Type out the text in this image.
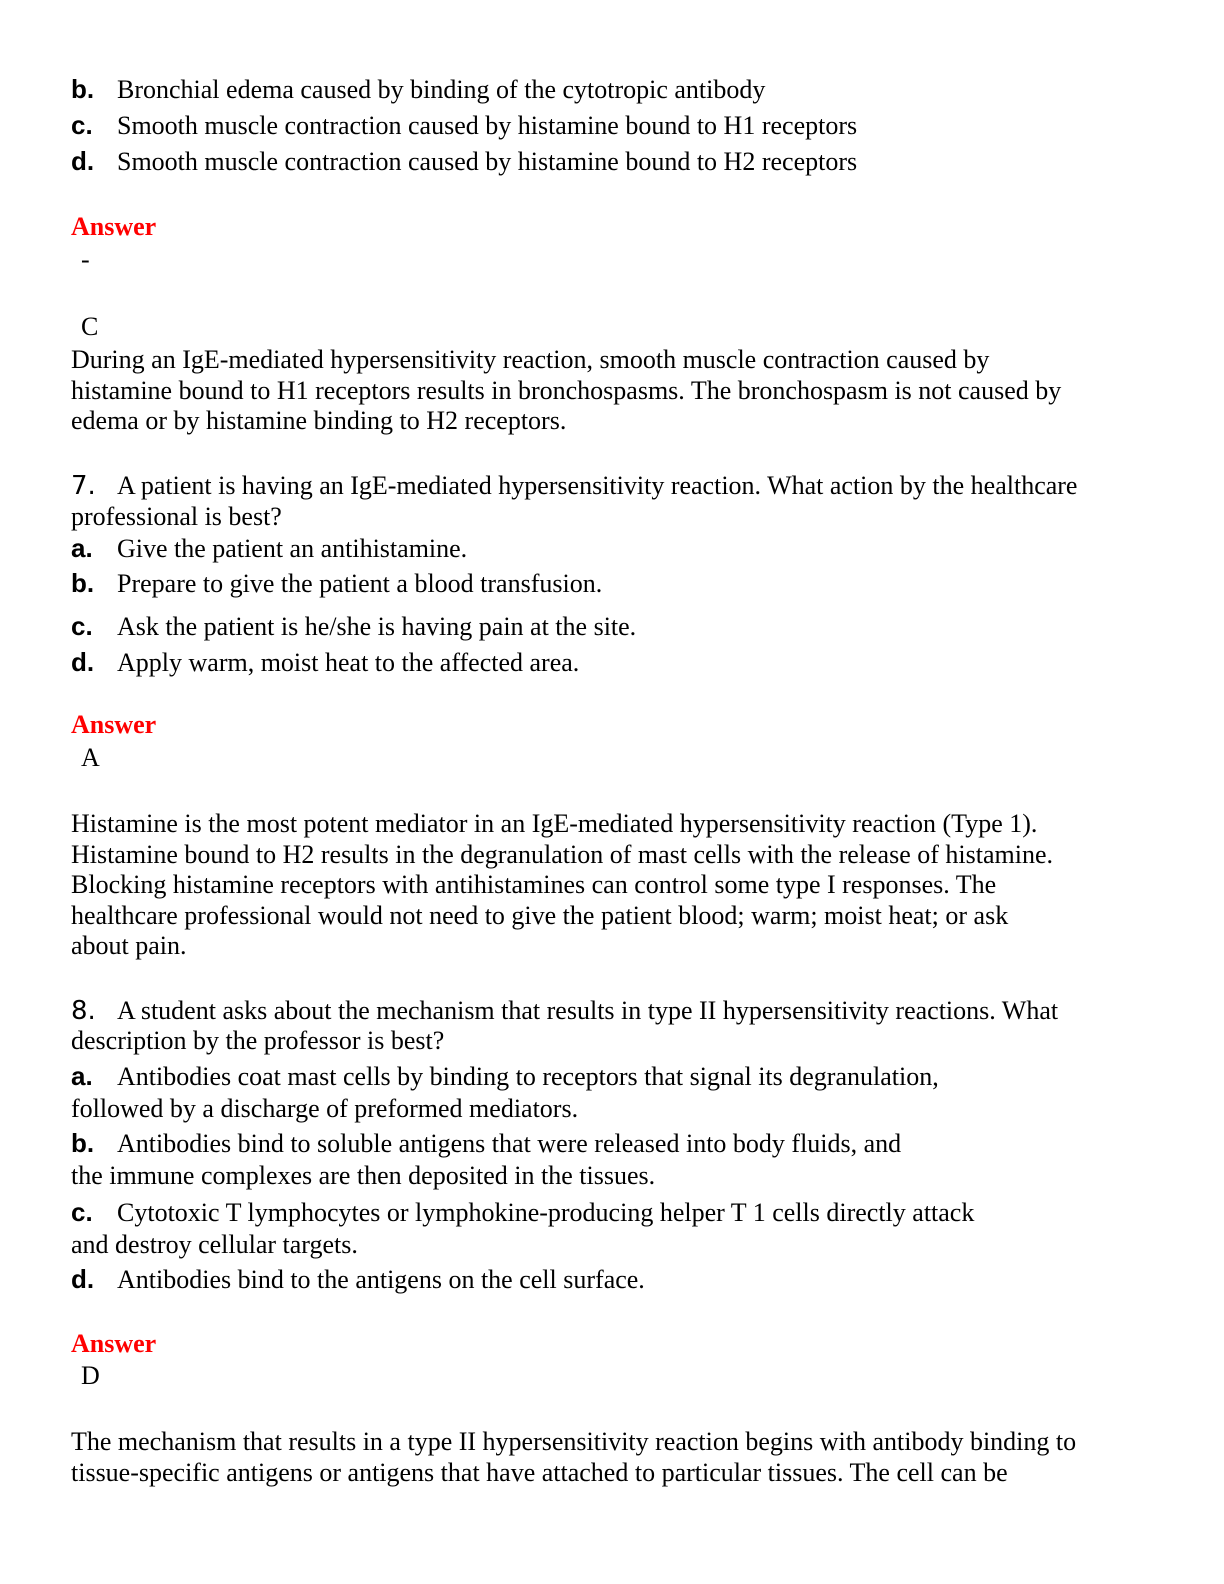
b. Bronchial edema caused by binding of the cytotropic antibody
c. Smooth muscle contraction caused by histamine bound to H1 receptors
d. Smooth muscle contraction caused by histamine bound to H2 receptors
Answer
-
C
During an IgE-mediated hypersensitivity reaction, smooth muscle contraction caused by
histamine bound to H1 receptors results in bronchospasms. The bronchospasm is not caused by
edema or by histamine binding to H2 receptors.
7. A patient is having an IgE-mediated hypersensitivity reaction. What action by the healthcare
professional is best?
a. Give the patient an antihistamine.
b. Prepare to give the patient a blood transfusion.
c. Ask the patient is he/she is having pain at the site.
d. Apply warm, moist heat to the affected area.
Answer
A
Histamine is the most potent mediator in an IgE-mediated hypersensitivity reaction (Type 1).
Histamine bound to H2 results in the degranulation of mast cells with the release of histamine.
Blocking histamine receptors with antihistamines can control some type I responses. The
healthcare professional would not need to give the patient blood; warm; moist heat; or ask
about pain.
8. A student asks about the mechanism that results in type II hypersensitivity reactions. What
description by the professor is best?
a. Antibodies coat mast cells by binding to receptors that signal its degranulation,
followed by a discharge of preformed mediators.
b. Antibodies bind to soluble antigens that were released into body fluids, and
the immune complexes are then deposited in the tissues.
c. Cytotoxic T lymphocytes or lymphokine-producing helper T 1 cells directly attack
and destroy cellular targets.
d. Antibodies bind to the antigens on the cell surface.
Answer
D
The mechanism that results in a type II hypersensitivity reaction begins with antibody binding to
tissue-specific antigens or antigens that have attached to particular tissues. The cell can be
